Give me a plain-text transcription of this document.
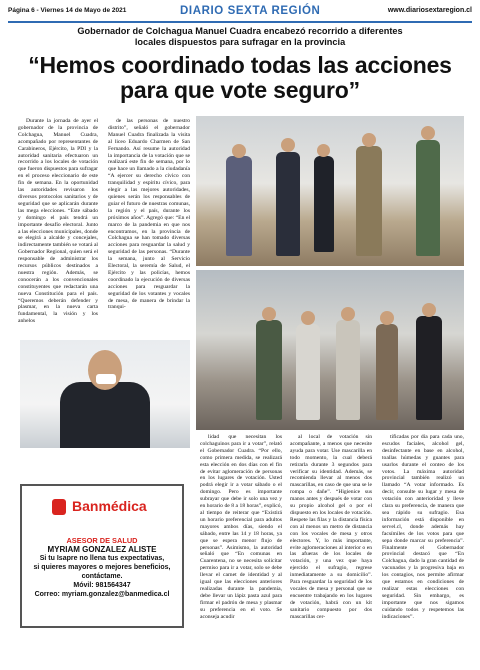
Página 6 - Viernes 14 de Mayo de 2021	DIARIO SEXTA REGIÓN	www.diariosextaregion.cl
Gobernador de Colchagua Manuel Cuadra encabezó recorrido a diferentes locales dispuestos para sufragar en la provincia
“Hemos coordinado todas las acciones para que vote seguro”

Durante la jornada de ayer el gobernador de la provincia de Colchagua, Manuel Cuadra, acompañado por representantes de Carabineros, Ejército, la PDI y la autoridad sanitaria efectuaron un recorrido a los locales de votación que fueron dispuestos para sufragar en el proceso eleccionario de este fin de semana. En la oportunidad las autoridades revisaron los diversos protocolos sanitarios y de seguridad que se aplicarán durante las mega elecciones. “Este sábado y domingo el país tendrá un importante desafío electoral. Junto a las elecciones municipales, donde se elegirá a alcalde y concejales, indirectamente también se votará al Gobernador Regional, quien será el responsable de administrar los recursos públicos destinados a nuestra región. Además, se conocerán a los convencionales constituyentes que redactarán una nueva Constitución para el país. “Queremos deberán defender y plasmar, en la nueva carta fundamental, la visión y los anhelos

de las personas de nuestro distrito”, señaló el gobernador Manuel Cuadra finalizada la visita al liceo Eduardo Charmen de San Fernando. Así resume la autoridad la importancia de la votación que se realizará este fin de semana, por lo que hace un llamado a la ciudadanía “A ejercer su derecho cívico con tranquilidad y espíritu cívico, para elegir a las mejores autoridades, quienes serán los responsables de guiar el futuro de nuestras comunas, la región y el país, durante los próximos años”. Agregó que: “En el marco de la pandemia en que nos encontramos, en la provincia de Colchagua se han tomado diversas acciones para resguardar la salud y seguridad de las personas. “Durante la semana, junto al Servicio Electoral, la seremía de Salud, el Ejército y las policías, hemos coordinado la ejecución de diversas acciones para resguardar la seguridad de los votantes y vocales de mesa, de manera de brindar la tranqui-

lidad que necesitan los colchaguinos para ir a votar”, relató el Gobernador Cuadra. “Por ello, como primera medida, se realizará esta elección en dos días con el fin de evitar aglomeración de personas en los lugares de votación. Usted podrá elegir ir a votar sábado o el domingo. Pero es importante subrayar que debe ir solo una vez y en horario de 8 a 18 horas”, explicó, al tiempo de reiterar que “Existirá un horario preferencial para adultos mayores ambos días, siendo el sábado, entre las 14 y 18 horas, ya que se espera menor flujo de personas”. Asimismo, la autoridad señaló que “En comunas en Cuarentena, no se necesita solicitar permiso para ir a votar, solo se debe llevar el carnet de identidad y al igual que las elecciones anteriores realizadas durante la pandemia, debe llevar un lápiz pasta azul para firmar el padrón de mesa y plasmar su preferencia en el voto. Se aconseja acudir

al local de votación sin acompañante, a menos que necesite ayuda para votar. Use mascarilla en todo momento, la cual deberá retirarla durante 3 segundos para verificar su identidad. Además, se recomienda llevar al menos dos mascarillas, en caso de que una se le rompa o dañe”. “Higienice sus manos antes y después de votar con su propio alcohol gel o por el dispuesto en los locales de votación. Respete las filas y la distancia física con al menos un metro de distancia con los vocales de mesa y otros electores. Y, lo más importante, evite aglomeraciones al interior o en las afueras de los locales de votación, y una vez que haya ejercido el sufragio, regrese inmediatamente a su domicilio”. Para resguardar la seguridad de los vocales de mesa y personal que se encuentre trabajando en los lugares de votación, habrá con un kit sanitario compuesto por dos mascarillas cer-

tificadas por día para cada uno, escudos faciales, alcohol gel, desinfectante en base en alcohol, toallas húmedas y guantes para usarlos durante el conteo de los votos. La máxima autoridad provincial también realizó un llamado “A votar informado. Es decir, consulte su lugar y mesa de votación con anterioridad y lleve clara su preferencia, de manera que sea rápido su sufragio. Esa información está disponible en servel.cl, donde además hay facsímiles de los votos para que sepa donde marcar su preferencia”. Finalmente el Gobernador provincial destacó que “En Colchagua, dado la gran cantidad de vacunados y la progresiva baja en los contagios, nos permite afirmar que estamos en condiciones de realizar estas elecciones con seguridad. Sin embargo, es importante que nos sigamos cuidando todos y respetemos las indicaciones”.

Banmédica
ASESOR DE SALUD
MYRIAM GONZALEZ ALISTE
Si tu Isapre no llena tus expectativas,
si quieres mayores o mejores beneficios,
contáctame.
Móvil: 981564347
Correo: myriam.gonzalez@banmedica.cl
